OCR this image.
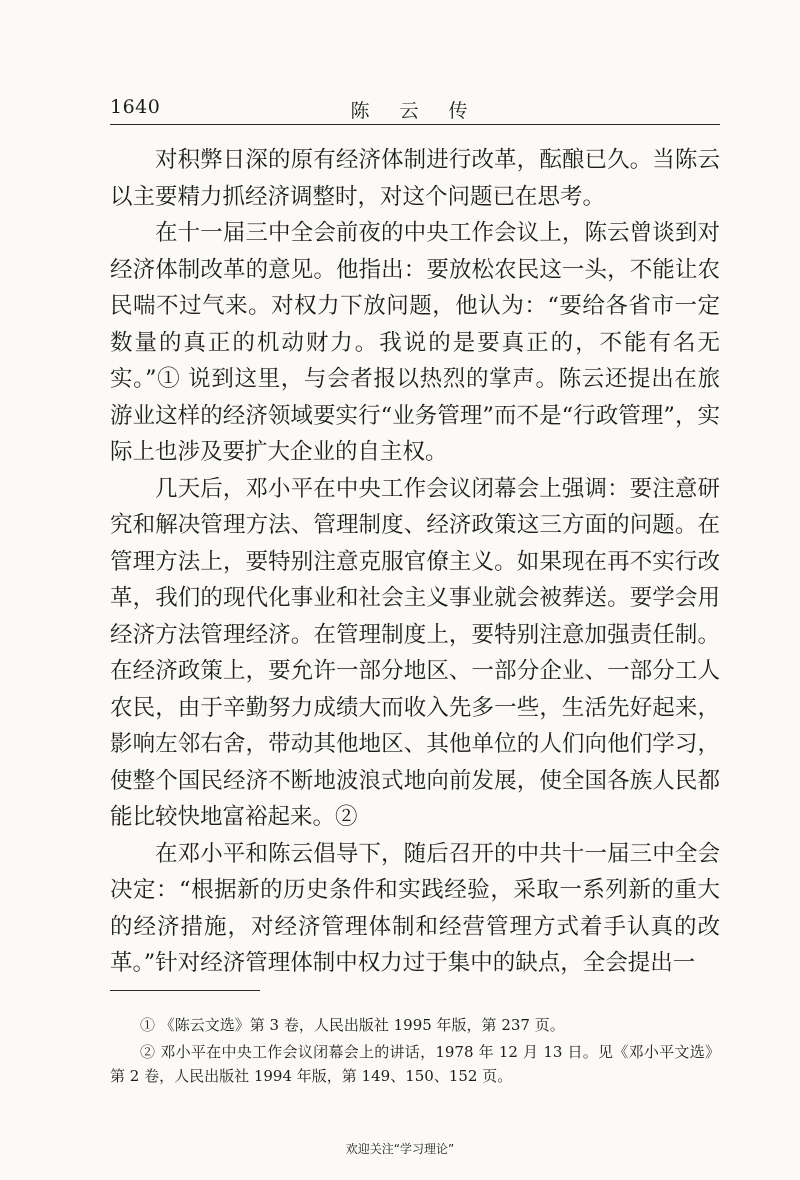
1640	陈 云 传

对积弊日深的原有经济体制进行改革，酝酿已久。当陈云以主要精力抓经济调整时，对这个问题已在思考。

在十一届三中全会前夜的中央工作会议上，陈云曾谈到对经济体制改革的意见。他指出：要放松农民这一头，不能让农民喘不过气来。对权力下放问题，他认为：“要给各省市一定数量的真正的机动财力。我说的是要真正的，不能有名无实。”① 说到这里，与会者报以热烈的掌声。陈云还提出在旅游业这样的经济领域要实行“业务管理”而不是“行政管理”，实际上也涉及要扩大企业的自主权。

几天后，邓小平在中央工作会议闭幕会上强调：要注意研究和解决管理方法、管理制度、经济政策这三方面的问题。在管理方法上，要特别注意克服官僚主义。如果现在再不实行改革，我们的现代化事业和社会主义事业就会被葬送。要学会用经济方法管理经济。在管理制度上，要特别注意加强责任制。在经济政策上，要允许一部分地区、一部分企业、一部分工人农民，由于辛勤努力成绩大而收入先多一些，生活先好起来，影响左邻右舍，带动其他地区、其他单位的人们向他们学习，使整个国民经济不断地波浪式地向前发展，使全国各族人民都能比较快地富裕起来。②

在邓小平和陈云倡导下，随后召开的中共十一届三中全会决定：“根据新的历史条件和实践经验，采取一系列新的重大的经济措施，对经济管理体制和经营管理方式着手认真的改革。”针对经济管理体制中权力过于集中的缺点，全会提出一

① 《陈云文选》第 3 卷，人民出版社 1995 年版，第 237 页。

② 邓小平在中央工作会议闭幕会上的讲话，1978 年 12 月 13 日。见《邓小平文选》第 2 卷，人民出版社 1994 年版，第 149、150、152 页。

欢迎关注“学习理论”
